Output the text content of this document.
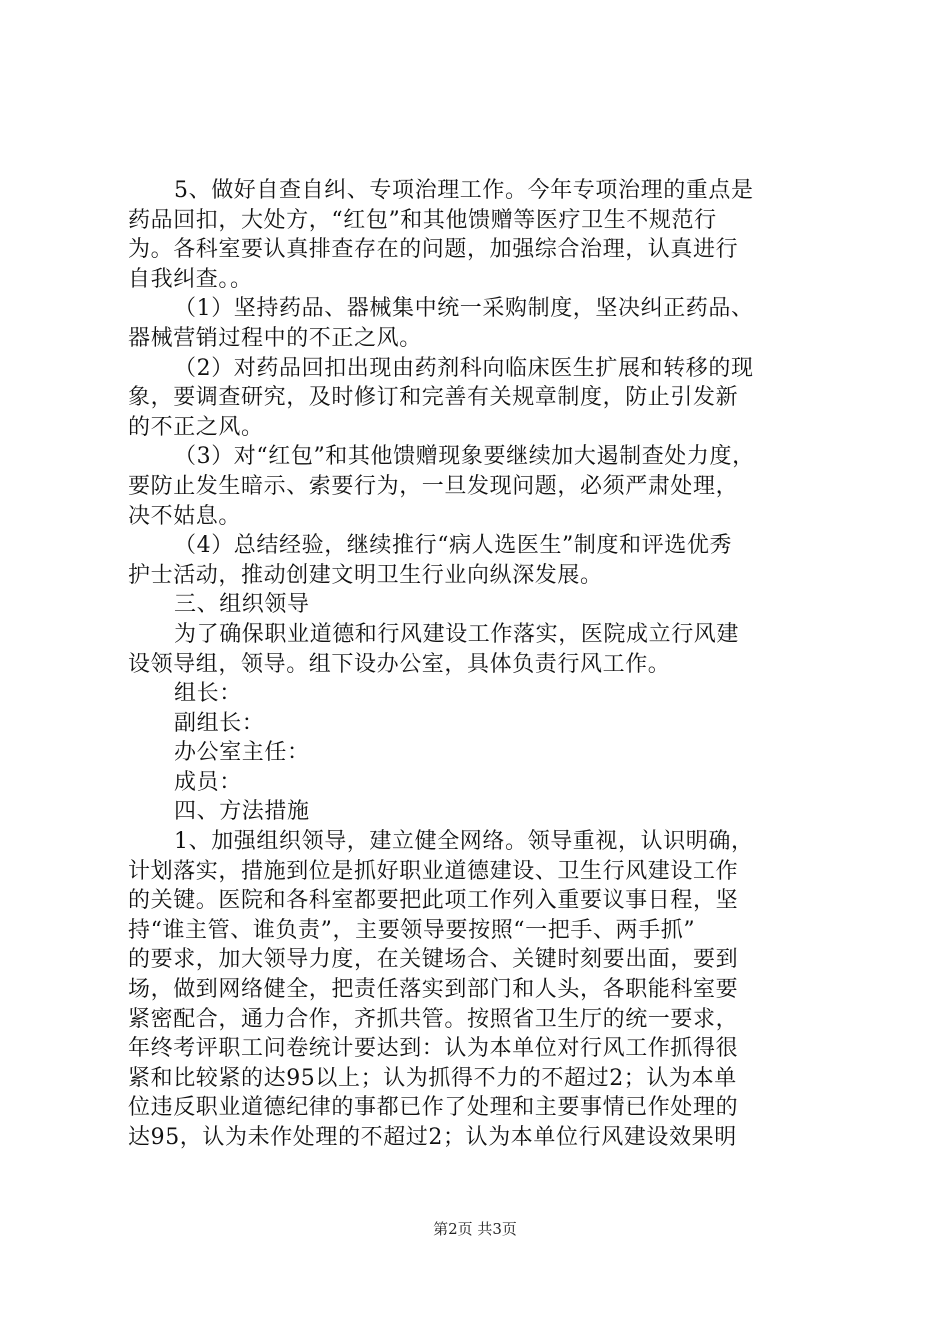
5、做好自查自纠、专项治理工作。今年专项治理的重点是
药品回扣，大处方，“红包”和其他馈赠等医疗卫生不规范行
为。各科室要认真排查存在的问题，加强综合治理，认真进行
自我纠查。。
（1）坚持药品、器械集中统一采购制度，坚决纠正药品、
器械营销过程中的不正之风。
（2）对药品回扣出现由药剂科向临床医生扩展和转移的现
象，要调查研究，及时修订和完善有关规章制度，防止引发新
的不正之风。
（3）对“红包”和其他馈赠现象要继续加大遏制查处力度，
要防止发生暗示、索要行为，一旦发现问题，必须严肃处理，
决不姑息。
（4）总结经验，继续推行“病人选医生”制度和评选优秀
护士活动，推动创建文明卫生行业向纵深发展。
三、组织领导
为了确保职业道德和行风建设工作落实，医院成立行风建
设领导组，领导。组下设办公室，具体负责行风工作。
组长：
副组长：
办公室主任：
成员：
四、方法措施
1、加强组织领导，建立健全网络。领导重视，认识明确，
计划落实，措施到位是抓好职业道德建设、卫生行风建设工作
的关键。医院和各科室都要把此项工作列入重要议事日程，坚
持“谁主管、谁负责”，主要领导要按照“一把手、两手抓”
的要求，加大领导力度，在关键场合、关键时刻要出面，要到
场，做到网络健全，把责任落实到部门和人头，各职能科室要
紧密配合，通力合作，齐抓共管。按照省卫生厅的统一要求，
年终考评职工问卷统计要达到：认为本单位对行风工作抓得很
紧和比较紧的达95以上；认为抓得不力的不超过2；认为本单
位违反职业道德纪律的事都已作了处理和主要事情已作处理的
达95，认为未作处理的不超过2；认为本单位行风建设效果明
第2页 共3页
